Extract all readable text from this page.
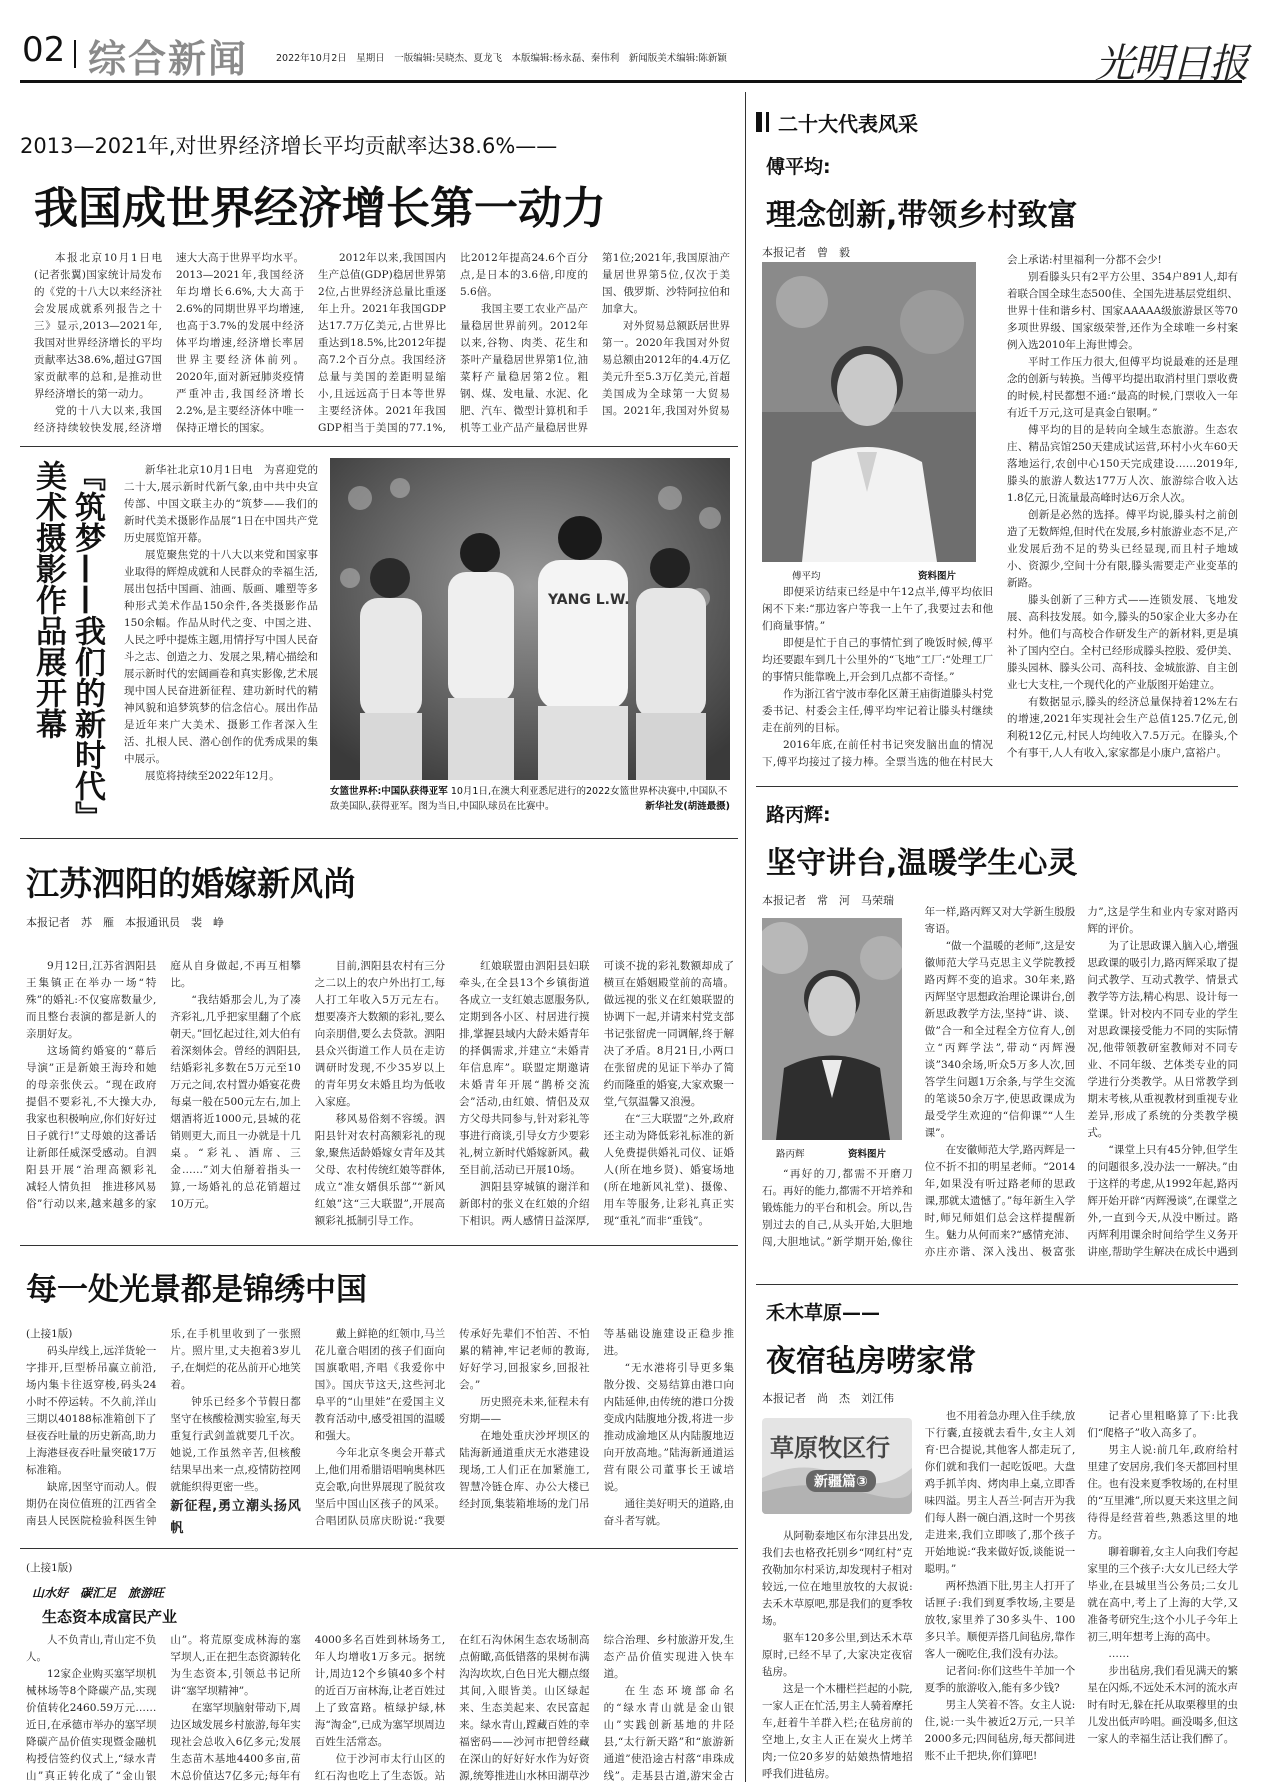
02 综合新闻	2022年10月2日　星期日　一版编辑:吴晓杰、夏龙飞　本版编辑:杨永磊、秦伟利　新闻版美术编辑:陈新颖	光明日报
2013—2021年,对世界经济增长平均贡献率达38.6%——
我国成世界经济增长第一动力

本报北京10月1日电(记者张翼)国家统计局发布的《党的十八大以来经济社会发展成就系列报告之十三》显示,2013—2021年,我国对世界经济增长的平均贡献率达38.6%,超过G7国家贡献率的总和,是推动世界经济增长的第一动力。

党的十八大以来,我国经济持续较快发展,经济增速大大高于世界平均水平。2013—2021年,我国经济年均增长6.6%,大大高于2.6%的同期世界平均增速,也高于3.7%的发展中经济体平均增速,经济增长率居世界主要经济体前列。2020年,面对新冠肺炎疫情严重冲击,我国经济增长2.2%,是主要经济体中唯一保持正增长的国家。

2012年以来,我国国内生产总值(GDP)稳居世界第2位,占世界经济总量比重逐年上升。2021年我国GDP达17.7万亿美元,占世界比重达到18.5%,比2012年提高7.2个百分点。我国经济总量与美国的差距明显缩小,且远远高于日本等世界主要经济体。2021年我国GDP相当于美国的77.1%,比2012年提高24.6个百分点,是日本的3.6倍,印度的5.6倍。

我国主要工农业产品产量稳居世界前列。2012年以来,谷物、肉类、花生和茶叶产量稳居世界第1位,油菜籽产量稳居第2位。粗钢、煤、发电量、水泥、化肥、汽车、微型计算机和手机等工业产品产量稳居世界第1位;2021年,我国原油产量居世界第5位,仅次于美国、俄罗斯、沙特阿拉伯和加拿大。

对外贸易总额跃居世界第一。2020年我国对外贸易总额由2012年的4.4万亿美元升至5.3万亿美元,首超美国成为全球第一大贸易国。2021年,我国对外贸易

『筑梦——我们的新时代』美术摄影作品展开幕	新华社北京10月1日电　为喜迎党的二十大,展示新时代新气象,由中共中央宣传部、中国文联主办的“筑梦——我们的新时代美术摄影作品展”1日在中国共产党历史展览馆开幕。

展览聚焦党的十八大以来党和国家事业取得的辉煌成就和人民群众的幸福生活,展出包括中国画、油画、版画、雕塑等多种形式美术作品150余件,各类摄影作品150余幅。作品从时代之变、中国之进、人民之呼中提炼主题,用情抒写中国人民奋斗之志、创造之力、发展之果,精心描绘和展示新时代的宏阔画卷和真实影像,艺术展现中国人民奋进新征程、建功新时代的精神风貌和追梦筑梦的信念信心。展出作品是近年来广大美术、摄影工作者深入生活、扎根人民、潜心创作的优秀成果的集中展示。

展览将持续至2022年12月。

YANG L.W.
女篮世界杯:中国队获得亚军 10月1日,在澳大利亚悉尼进行的2022女篮世界杯决赛中,中国队不敌美国队,获得亚军。图为当日,中国队球员在比赛中。	新华社发(胡涟最摄)
江苏泗阳的婚嫁新风尚
本报记者　苏　雁　本报通讯员　裴　峥

9月12日,江苏省泗阳县王集镇正在举办一场“特殊”的婚礼:不仅宴席数量少,而且整台表演的都是新人的亲朋好友。

这场简约婚宴的“幕后导演”正是新娘王海玲和她的母亲张侠云。“现在政府提倡不要彩礼,不大操大办,我家也积极响应,你们好好过日子就行!”丈母娘的这番话让新郎任威深受感动。自泗阳县开展“治理高额彩礼　减轻人情负担　推进移风易俗”行动以来,越来越多的家庭从自身做起,不再互相攀比。

“我结婚那会儿,为了凑齐彩礼,几乎把家里翻了个底朝天。”回忆起过往,刘大伯有着深刻体会。曾经的泗阳县,结婚彩礼多数在5万元至10万元之间,农村置办婚宴花费每桌一般在500元左右,加上烟酒将近1000元,县城的花销则更大,而且一办就是十几桌。“彩礼、酒席、三金……”刘大伯掰着指头一算,一场婚礼的总花销超过10万元。

目前,泗阳县农村有三分之二以上的农户外出打工,每人打工年收入5万元左右。想要凑齐大数额的彩礼,要么向亲朋借,要么去贷款。泗阳县众兴街道工作人员在走访调研时发现,不少35岁以上的青年男女未婚且均为低收入家庭。

移风易俗刻不容缓。泗阳县针对农村高额彩礼的现象,聚焦适龄婚嫁女青年及其父母、农村传统红娘等群体,成立“准女婿俱乐部”“新风红娘”这“三大联盟”,开展高额彩礼抵制引导工作。

红娘联盟由泗阳县妇联牵头,在全县13个乡镇街道各成立一支红娘志愿服务队,定期到各小区、村居进行摸排,掌握县域内大龄未婚青年的择偶需求,并建立“未婚青年信息库”。联盟定期邀请未婚青年开展“鹊桥交流会”活动,由红娘、情侣及双方父母共同参与,针对彩礼等事进行商谈,引导女方少要彩礼,树立新时代婚嫁新风。截至目前,活动已开展10场。

泗阳县穿城镇的谢洋和新郎村的张义在红娘的介绍下相识。两人感情日益深厚,可谈不拢的彩礼数额却成了横亘在婚姻殿堂前的高墙。做远视的张义在红娘联盟的协调下一起,并请来村党支部书记张留虎一同调解,终于解决了矛盾。8月21日,小两口在张留虎的见证下举办了简约而隆重的婚宴,大家欢聚一堂,气氛温馨又浪漫。

在“三大联盟”之外,政府还主动为降低彩礼标准的新人免费提供婚礼司仪、证婚人(所在地乡贤)、婚宴场地(所在地新风礼堂)、摄像、用车等服务,让彩礼真正实现“重礼”而非“重钱”。

每一处光景都是锦绣中国

(上接1版)

码头岸线上,远洋货轮一字排开,巨型桥吊赢立前沿,场内集卡往返穿梭,码头24小时不停运转。不久前,洋山三期以40188标准箱创下了昼夜吞吐量的历史新高,助力上海港昼夜吞吐量突破17万标准箱。

缺席,因坚守而动人。假期仍在岗位值班的江西省全南县人民医院检验科医生钟乐,在手机里收到了一张照片。照片里,丈夫抱着3岁儿子,在炯烂的花丛前开心地笑着。

钟乐已经多个节假日都坚守在核酸检测实验室,每天重复行武剑盖就要几千次。她说,工作虽然辛苦,但核酸结果早出来一点,疫情防控网就能织得更密一些。

新征程,勇立潮头扬风帆

戴上鲜艳的红领巾,马兰花儿童合唱团的孩子们面向国旗歌唱,齐唱《我爱你中国》。国庆节这天,这些河北阜平的“山里娃”在爱国主义教育活动中,感受祖国的温暖和强大。

今年北京冬奥会开幕式上,他们用希腊语唱响奥林匹克会歌,向世界展现了脱贫攻坚后中国山区孩子的风采。合唱团队员席庆盼说:“我要传承好先辈们不怕苦、不怕累的精神,牢记老师的教诲,好好学习,回报家乡,回报社会。”

历史照亮未来,征程未有穷期——

在地处重庆沙坪坝区的陆海新通道重庆无水港建设现场,工人们正在加紧施工,智慧冷链仓库、办公大楼已经封顶,集装箱堆场的龙门吊等基础设施建设正稳步推进。

“无水港将引导更多集散分拨、交易结算由港口向内陆延伸,由传统的港口分拨变成内陆腹地分拨,将进一步推动成渝地区从内陆腹地迈向开放高地。”陆海新通道运营有限公司董事长王诚培说。

通往美好明天的道路,由奋斗者写就。

(上接1版)
山水好　碳汇足　旅游旺
生态资本成富民产业

人不负青山,青山定不负人。

12家企业购买塞罕坝机械林场等8个降碳产品,实现价值转化2460.59万元……近日,在承德市举办的塞罕坝降碳产品价值实现暨金融机构授信签约仪式上,“绿水青山”真正转化成了“金山银山”。将荒原变成林海的塞罕坝人,正在把生态资源转化为生态资本,引领总书记所讲“塞罕坝精神”。

在塞罕坝脑射带动下,周边区域发展乡村旅游,每年实现社会总收入6亿多元;发展生态苗木基地4400多亩,苗木总价值达7亿多元;每年有4000多名百姓到林场务工,年人均增收1万多元。据统计,周边12个乡镇40多个村的近百万亩林海,让老百姓过上了致富路。植绿护绿,林海“淘金”,已成为塞罕坝周边百姓生活常态。

位于沙河市太行山区的红石沟也吃上了生态饭。站在红石沟休闲生态农场制高点俯瞰,高低错落的果树布满沟沟坎坎,白色日光大棚点缀其间,入眼皆美。山区绿起来、生态美起来、农民富起来。绿水青山,蹚藏百姓的幸福密码——沙河市把曾经藏在深山的好好好水作为好资源,统筹推进山水林田湖草沙综合治理、乡村旅游开发,生态产品价值实现进入快车道。

在生态环境部命名的“绿水青山就是金山银山”实践创新基地的井陉县,“太行新天路”和“旅游新通道”使沿途古村落“串珠成线”。走基县古道,游宋金古

二十大代表风采
傅平均:
理念创新,带领乡村致富
本报记者　曾　毅
傅平均	资料图片

即便采访结束已经是中午12点半,傅平均依旧闲不下来:“那边客户等我一上午了,我要过去和他们商量事情。”

即便是忙于自己的事情忙到了晚饭时候,傅平均还要跟车到几十公里外的“飞地”工厂:“处理工厂的事情只能靠晚上,开会到几点都不奇怪。”

作为浙江省宁波市奉化区萧王庙街道滕头村党委书记、村委会主任,傅平均牢记着让滕头村继续走在前列的目标。

2016年底,在前任村书记突发脑出血的情况下,傅平均接过了接力棒。全票当选的他在村民大会上承诺:村里福利一分都不会少!

别看滕头只有2平方公里、354户891人,却有着联合国全球生态500佳、全国先进基层党组织、世界十佳和谐乡村、国家AAAAA级旅游景区等70多项世界级、国家级荣誉,还作为全球唯一乡村案例入选2010年上海世博会。

平时工作压力很大,但傅平均说最难的还是理念的创新与转换。当傅平均提出取消村里门票收费的时候,村民都想不通:“最高的时候,门票收入一年有近千万元,这可是真金白银啊。”

傅平均的目的是转向全域生态旅游。生态农庄、精品宾馆250天建成试运营,环村小火车60天落地运行,农创中心150天完成建设……2019年,滕头的旅游人数达177万人次、旅游综合收入达1.8亿元,日流量最高峰时达6万余人次。

创新是必然的选择。傅平均说,滕头村之前创造了无数辉煌,但时代在发展,乡村旅游业态不足,产业发展后劲不足的势头已经显现,而且村子地域小、资源少,空间十分有限,滕头需要走产业变革的新路。

滕头创新了三种方式——连锁发展、飞地发展、高科技发展。如今,滕头的50家企业大多办在村外。他们与高校合作研发生产的新材料,更是填补了国内空白。全村已经形成滕头控股、爱伊美、滕头园林、滕头公司、高科技、金城旅游、自主创业七大支柱,一个现代化的产业版图开始建立。

有数据显示,滕头的经济总量保持着12%左右的增速,2021年实现社会生产总值125.7亿元,创利税12亿元,村民人均纯收入7.5万元。在滕头,个个有事干,人人有收入,家家都是小康户,富裕户。

路丙辉:
坚守讲台,温暖学生心灵
本报记者　常　河　马荣瑞
路丙辉	资料图片

“再好的刀,都需不开磨刀石。再好的能力,都需不开培养和锻炼能力的平台和机会。所以,告别过去的自己,从头开始,大胆地闯,大胆地试。”新学期开始,像往年一样,路丙辉又对大学新生殷殷寄语。

“做一个温暖的老师”,这是安徽师范大学马克思主义学院教授路丙辉不变的追求。30年来,路丙辉坚守思想政治理论课讲台,创新思政教学方法,坚持“讲、谈、做”合一和全过程全方位育人,创立“丙辉学法”,带动“丙辉漫谈”340余场,听众5万多人次,回答学生问题1万余条,与学生交流的笔谈50余万字,使思政课成为最受学生欢迎的“信仰课”“人生课”。

在安徽师范大学,路丙辉是一位不折不扣的明星老师。“2014年,如果没有听过路老师的思政课,那就太遗憾了。”每年新生入学时,师兄师姐们总会这样提醒新生。魅力从何而来?“感情充沛、亦庄亦谐、深入浅出、极富张力”,这是学生和业内专家对路丙辉的评价。

为了让思政课入脑入心,增强思政课的吸引力,路丙辉采取了提问式教学、互动式教学、情景式教学等方法,精心构思、设计每一堂课。针对校内不同专业的学生对思政课接受能力不同的实际情况,他带领教研室教师对不同专业、不同年级、艺体类专业的同学进行分类教学。从日常教学到期末考核,从重视教材到重视专业差异,形成了系统的分类教学模式。

“课堂上只有45分钟,但学生的问题很多,没办法一一解决。”由于这样的考虑,从1992年起,路丙辉开始开辟“丙辉漫谈”,在课堂之外,一直到今天,从没中断过。路丙辉利用课余时间给学生义务开讲座,帮助学生解决在成长中遇到

禾木草原——
夜宿毡房唠家常
本报记者　尚　杰　刘江伟
草原牧区行
新疆篇③

从阿勒泰地区布尔津县出发,我们去也格孜托别乡“网红村”克孜勒加尔村采访,却发现村子相对较远,一位在地里放牧的大叔说:去禾木草原吧,那是我们的夏季牧场。

驱车120多公里,到达禾木草原时,已经不早了,大家决定夜宿毡房。

这是一个木栅栏拦起的小院,一家人正在忙活,男主人骑着摩托车,赶着牛羊群入栏;在毡房前的空地上,女主人正在炭火上烤羊肉;一位20多岁的姑娘热情地招呼我们进毡房。

也不用着急办理入住手续,放下行囊,直接就去看牛,女主人刘育·巴合提说,其他客人都走玩了,你们就和我们一起吃饭吧。大盘鸡手抓羊肉、烤肉串上桌,立即香味四溢。男主人吾兰·阿吉开为我们每人斟一碗白酒,这时一个男孩走进来,我们立即咳了,那个孩子开始地说:“我来做好饭,谈能说一聪明。”

两杯热酒下肚,男主人打开了话匣子:我们到夏季牧场,主要是放牧,家里养了30多头牛、100多只羊。顺便弄搭几间毡房,靠作客人一碗吃住,我们没有办法。

记者问:你们这些牛羊加一个夏季的旅游收入,能有多少钱?

男主人笑着不答。女主人说:住,说:一头牛被近2万元,一只羊2000多元;四间毡房,每天都间进账不止千把块,你们算吧!

记者心里粗略算了下:比我们“爬格子”收入高多了。

男主人说:前几年,政府给村里建了安居房,我们冬天都回村里住。也有没来夏季牧场的,在村里的“互里滩”,所以夏天来这里之间待得是经营着些,熟悉这里的地方。

聊着聊着,女主人向我们夸起家里的三个孩子:大女儿已经大学毕业,在县城里当公务员;二女儿就在高中,考上了上海的大学,又准备考研究生;这个小儿子今年上初三,明年想考上海的高中。

……

步出毡房,我们看见满天的繁星在闪烁,不远处禾木河的流水声时有时无,躲在托从取栗穆里的虫儿发出低声吟唱。画没喝多,但这一家人的幸福生活让我们醉了。
